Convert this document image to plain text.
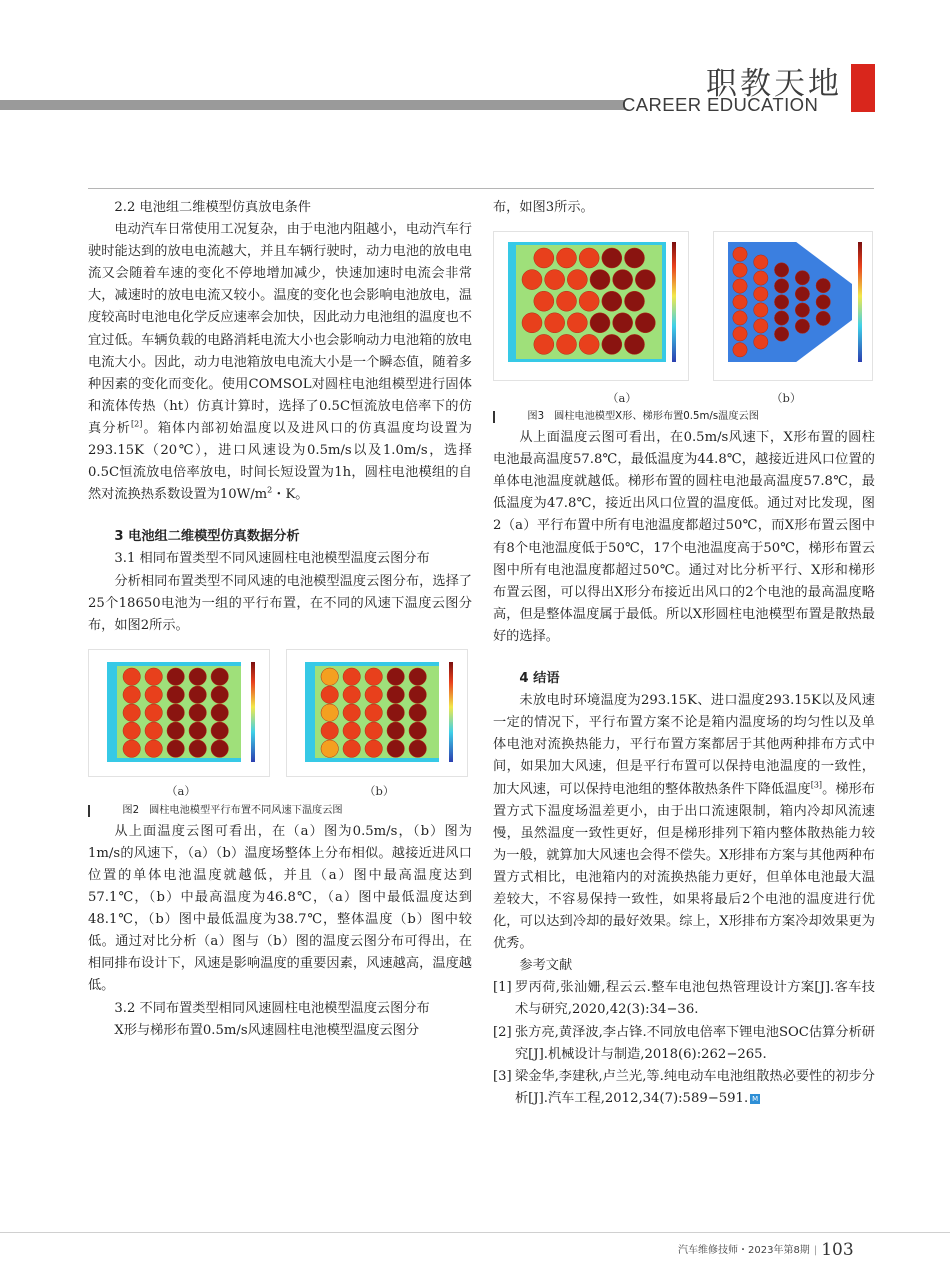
职教天地
CAREER EDUCATION

2.2 电池组二维模型仿真放电条件

电动汽车日常使用工况复杂，由于电池内阻越小，电动汽车行驶时能达到的放电电流越大，并且车辆行驶时，动力电池的放电电流又会随着车速的变化不停地增加减少，快速加速时电流会非常大，减速时的放电电流又较小。温度的变化也会影响电池放电，温度较高时电池电化学反应速率会加快，因此动力电池组的温度也不宜过低。车辆负载的电路消耗电流大小也会影响动力电池箱的放电电流大小。因此，动力电池箱放电电流大小是一个瞬态值，随着多种因素的变化而变化。使用COMSOL对圆柱电池组模型进行固体和流体传热（ht）仿真计算时，选择了0.5C恒流放电倍率下的仿真分析[2]。箱体内部初始温度以及进风口的仿真温度均设置为293.15K（20℃），进口风速设为0.5m/s以及1.0m/s，选择0.5C恒流放电倍率放电，时间长短设置为1h，圆柱电池模组的自然对流换热系数设置为$10W/m^2$・K。

3 电池组二维模型仿真数据分析

3.1 相同布置类型不同风速圆柱电池模型温度云图分布

分析相同布置类型不同风速的电池模型温度云图分布，选择了25个18650电池为一组的平行布置，在不同的风速下温度云图分布，如图2所示。

（a）	（b）

图2 圆柱电池模型平行布置不同风速下温度云图

从上面温度云图可看出，在（a）图为0.5m/s，（b）图为1m/s的风速下，（a）（b）温度场整体上分布相似。越接近进风口位置的单体电池温度就越低，并且（a）图中最高温度达到57.1℃，（b）中最高温度为46.8℃，（a）图中最低温度达到48.1℃，（b）图中最低温度为38.7℃，整体温度（b）图中较低。通过对比分析（a）图与（b）图的温度云图分布可得出，在相同排布设计下，风速是影响温度的重要因素，风速越高，温度越低。

3.2 不同布置类型相同风速圆柱电池模型温度云图分布

X形与梯形布置0.5m/s风速圆柱电池模型温度云图分

布，如图3所示。

（a）	（b）

图3 圆柱电池模型X形、梯形布置0.5m/s温度云图

从上面温度云图可看出，在0.5m/s风速下，X形布置的圆柱电池最高温度57.8℃，最低温度为44.8℃，越接近进风口位置的单体电池温度就越低。梯形布置的圆柱电池最高温度57.8℃，最低温度为47.8℃，接近出风口位置的温度低。通过对比发现，图2（a）平行布置中所有电池温度都超过50℃，而X形布置云图中有8个电池温度低于50℃，17个电池温度高于50℃，梯形布置云图中所有电池温度都超过50℃。通过对比分析平行、X形和梯形布置云图，可以得出X形分布接近出风口的2个电池的最高温度略高，但是整体温度属于最低。所以X形圆柱电池模型布置是散热最好的选择。

4 结语

未放电时环境温度为293.15K、进口温度293.15K以及风速一定的情况下，平行布置方案不论是箱内温度场的均匀性以及单体电池对流换热能力，平行布置方案都居于其他两种排布方式中间，如果加大风速，但是平行布置可以保持电池温度的一致性，加大风速，可以保持电池组的整体散热条件下降低温度[3]。梯形布置方式下温度场温差更小，由于出口流速限制，箱内冷却风流速慢，虽然温度一致性更好，但是梯形排列下箱内整体散热能力较为一般，就算加大风速也会得不偿失。X形排布方案与其他两种布置方式相比，电池箱内的对流换热能力更好，但单体电池最大温差较大，不容易保持一致性，如果将最后2个电池的温度进行优化，可以达到冷却的最好效果。综上，X形排布方案冷却效果更为优秀。

参考文献

[1] 罗丙荷,张汕姗,程云云.整车电池包热管理设计方案[J].客车技术与研究,2020,42(3):34−36.
[2] 张方亮,黄泽波,李占锋.不同放电倍率下锂电池SOC估算分析研究[J].机械设计与制造,2018(6):262−265.
[3] 梁金华,李建秋,卢兰光,等.纯电动车电池组散热必要性的初步分析[J].汽车工程,2012,34(7):589−591. M
汽车维修技师・2023年第8期 | 103
